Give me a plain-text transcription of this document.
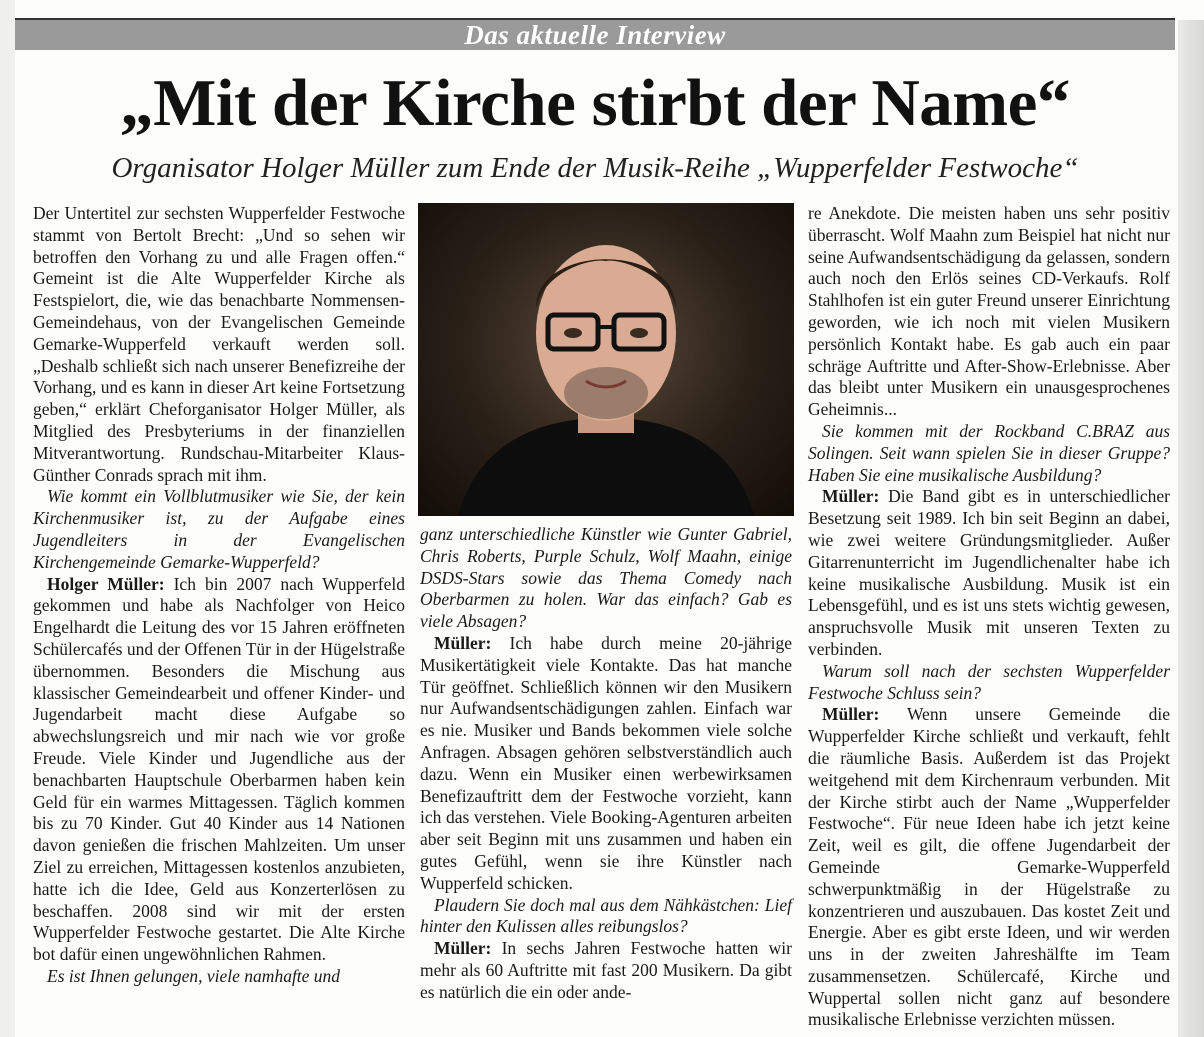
Das aktuelle Interview
„Mit der Kirche stirbt der Name“
Organisator Holger Müller zum Ende der Musik-Reihe „Wupperfelder Festwoche“

Der Untertitel zur sechsten Wupperfelder Festwoche stammt von Bertolt Brecht: „Und so sehen wir betroffen den Vorhang zu und alle Fragen offen.“ Gemeint ist die Alte Wupperfelder Kirche als Festspielort, die, wie das benachbarte Nommensen-Gemeindehaus, von der Evangelischen Gemeinde Gemarke-Wupperfeld verkauft werden soll. „Deshalb schließt sich nach unserer Benefizreihe der Vorhang, und es kann in dieser Art keine Fortsetzung geben,“ erklärt Cheforganisator Holger Müller, als Mitglied des Presbyteriums in der finanziellen Mitverantwortung. Rundschau-Mitarbeiter Klaus-Günther Conrads sprach mit ihm.

Wie kommt ein Vollblutmusiker wie Sie, der kein Kirchenmusiker ist, zu der Aufgabe eines Jugendleiters in der Evangelischen Kirchengemeinde Gemarke-Wupperfeld?

Holger Müller: Ich bin 2007 nach Wupperfeld gekommen und habe als Nachfolger von Heico Engelhardt die Leitung des vor 15 Jahren eröffneten Schülercafés und der Offenen Tür in der Hügelstraße übernommen. Besonders die Mischung aus klassischer Gemeindearbeit und offener Kinder- und Jugendarbeit macht diese Aufgabe so abwechslungsreich und mir nach wie vor große Freude. Viele Kinder und Jugendliche aus der benachbarten Hauptschule Oberbarmen haben kein Geld für ein warmes Mittagessen. Täglich kommen bis zu 70 Kinder. Gut 40 Kinder aus 14 Nationen davon genießen die frischen Mahlzeiten. Um unser Ziel zu erreichen, Mittagessen kostenlos anzubieten, hatte ich die Idee, Geld aus Konzerterlösen zu beschaffen. 2008 sind wir mit der ersten Wupperfelder Festwoche gestartet. Die Alte Kirche bot dafür einen ungewöhnlichen Rahmen.

Es ist Ihnen gelungen, viele namhafte und

ganz unterschiedliche Künstler wie Gunter Gabriel, Chris Roberts, Purple Schulz, Wolf Maahn, einige DSDS-Stars sowie das Thema Comedy nach Oberbarmen zu holen. War das einfach? Gab es viele Absagen?

Müller: Ich habe durch meine 20-jährige Musikertätigkeit viele Kontakte. Das hat manche Tür geöffnet. Schließlich können wir den Musikern nur Aufwandsentschädigungen zahlen. Einfach war es nie. Musiker und Bands bekommen viele solche Anfragen. Absagen gehören selbstverständlich auch dazu. Wenn ein Musiker einen werbewirksamen Benefizauftritt dem der Festwoche vorzieht, kann ich das verstehen. Viele Booking-Agenturen arbeiten aber seit Beginn mit uns zusammen und haben ein gutes Gefühl, wenn sie ihre Künstler nach Wupperfeld schicken.

Plaudern Sie doch mal aus dem Nähkästchen: Lief hinter den Kulissen alles reibungslos?

Müller: In sechs Jahren Festwoche hatten wir mehr als 60 Auftritte mit fast 200 Musikern. Da gibt es natürlich die ein oder ande-

re Anekdote. Die meisten haben uns sehr positiv überrascht. Wolf Maahn zum Beispiel hat nicht nur seine Aufwandsentschädigung da gelassen, sondern auch noch den Erlös seines CD-Verkaufs. Rolf Stahlhofen ist ein guter Freund unserer Einrichtung geworden, wie ich noch mit vielen Musikern persönlich Kontakt habe. Es gab auch ein paar schräge Auftritte und After-Show-Erlebnisse. Aber das bleibt unter Musikern ein unausgesprochenes Geheimnis...

Sie kommen mit der Rockband C.BRAZ aus Solingen. Seit wann spielen Sie in dieser Gruppe? Haben Sie eine musikalische Ausbildung?

Müller: Die Band gibt es in unterschiedlicher Besetzung seit 1989. Ich bin seit Beginn an dabei, wie zwei weitere Gründungsmitglieder. Außer Gitarrenunterricht im Jugendlichenalter habe ich keine musikalische Ausbildung. Musik ist ein Lebensgefühl, und es ist uns stets wichtig gewesen, anspruchsvolle Musik mit unseren Texten zu verbinden.

Warum soll nach der sechsten Wupperfelder Festwoche Schluss sein?

Müller: Wenn unsere Gemeinde die Wupperfelder Kirche schließt und verkauft, fehlt die räumliche Basis. Außerdem ist das Projekt weitgehend mit dem Kirchenraum verbunden. Mit der Kirche stirbt auch der Name „Wupperfelder Festwoche“. Für neue Ideen habe ich jetzt keine Zeit, weil es gilt, die offene Jugendarbeit der Gemeinde Gemarke-Wupperfeld schwerpunktmäßig in der Hügelstraße zu konzentrieren und auszubauen. Das kostet Zeit und Energie. Aber es gibt erste Ideen, und wir werden uns in der zweiten Jahreshälfte im Team zusammensetzen. Schülercafé, Kirche und Wuppertal sollen nicht ganz auf besondere musikalische Erlebnisse verzichten müssen.
